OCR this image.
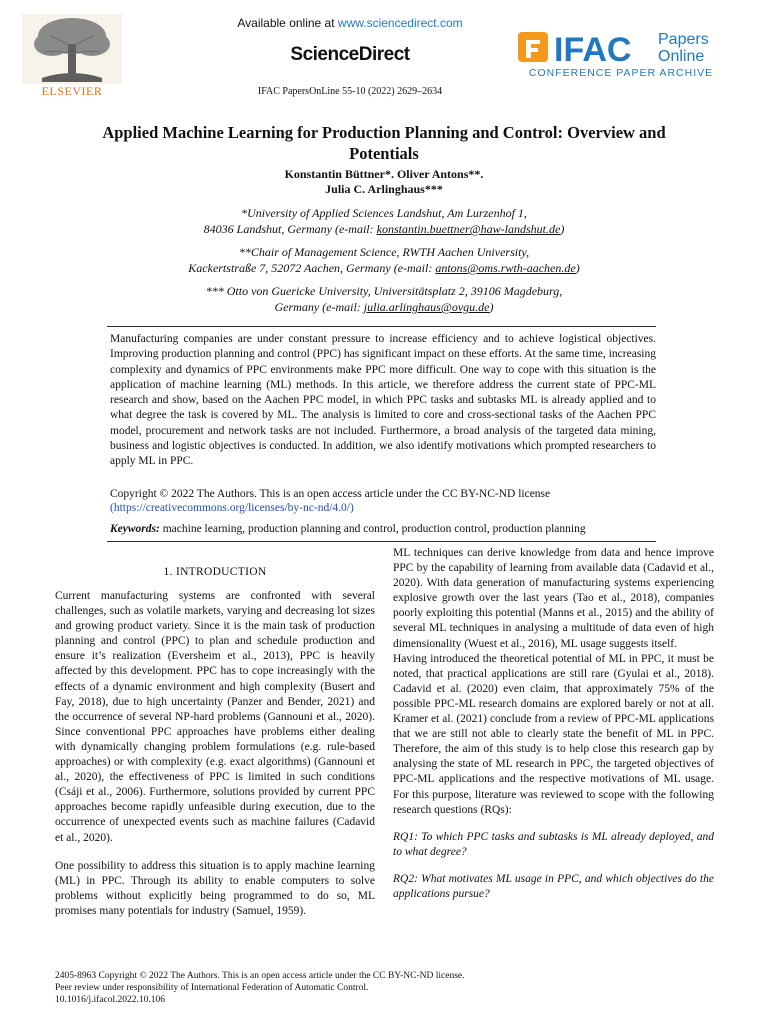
ELSEVIER
Available online at www.sciencedirect.com
ScienceDirect
IFAC PapersOnLine 55-10 (2022) 2629–2634
IFAC Papers
Online
CONFERENCE PAPER ARCHIVE
Applied Machine Learning for Production Planning and Control: Overview and
Potentials
Konstantin Büttner*. Oliver Antons**.
Julia C. Arlinghaus***
*University of Applied Sciences Landshut, Am Lurzenhof 1,
84036 Landshut, Germany (e-mail: konstantin.buettner@haw-landshut.de)
**Chair of Management Science, RWTH Aachen University,
Kackertstraße 7, 52072 Aachen, Germany (e-mail: antons@oms.rwth-aachen.de)
*** Otto von Guericke University, Universitätsplatz 2, 39106 Magdeburg,
Germany (e-mail: julia.arlinghaus@ovgu.de)
Manufacturing companies are under constant pressure to increase efficiency and to achieve logistical objectives. Improving production planning and control (PPC) has significant impact on these efforts. At the same time, increasing complexity and dynamics of PPC environments make PPC more difficult. One way to cope with this situation is the application of machine learning (ML) methods. In this article, we therefore address the current state of PPC-ML research and show, based on the Aachen PPC model, in which PPC tasks and subtasks ML is already applied and to what degree the task is covered by ML. The analysis is limited to core and cross-sectional tasks of the Aachen PPC model, procurement and network tasks are not included. Furthermore, a broad analysis of the targeted data mining, business and logistic objectives is conducted. In addition, we also identify motivations which prompted researchers to apply ML in PPC.
Copyright © 2022 The Authors. This is an open access article under the CC BY-NC-ND license
(https://creativecommons.org/licenses/by-nc-nd/4.0/)
Keywords: machine learning, production planning and control, production control, production planning
1. INTRODUCTION

Current manufacturing systems are confronted with several challenges, such as volatile markets, varying and decreasing lot sizes and growing product variety. Since it is the main task of production planning and control (PPC) to plan and schedule production and ensure it’s realization (Eversheim et al., 2013), PPC is heavily affected by this development. PPC has to cope increasingly with the effects of a dynamic environment and high complexity (Busert and Fay, 2018), due to high uncertainty (Panzer and Bender, 2021) and the occurrence of several NP-hard problems (Gannouni et al., 2020). Since conventional PPC approaches have problems either dealing with dynamically changing problem formulations (e.g. rule-based approaches) or with complexity (e.g. exact algorithms) (Gannouni et al., 2020), the effectiveness of PPC is limited in such conditions (Csáji et al., 2006). Furthermore, solutions provided by current PPC approaches become rapidly unfeasible during execution, due to the occurrence of unexpected events such as machine failures (Cadavid et al., 2020).

One possibility to address this situation is to apply machine learning (ML) in PPC. Through its ability to enable computers to solve problems without explicitly being programmed to do so, ML promises many potentials for industry (Samuel, 1959).

ML techniques can derive knowledge from data and hence improve PPC by the capability of learning from available data (Cadavid et al., 2020). With data generation of manufacturing systems experiencing explosive growth over the last years (Tao et al., 2018), companies poorly exploiting this potential (Manns et al., 2015) and the ability of several ML techniques in analysing a multitude of data even of high dimensionality (Wuest et al., 2016), ML usage suggests itself.

Having introduced the theoretical potential of ML in PPC, it must be noted, that practical applications are still rare (Gyulai et al., 2018). Cadavid et al. (2020) even claim, that approximately 75% of the possible PPC-ML research domains are explored barely or not at all. Kramer et al. (2021) conclude from a review of PPC-ML applications that we are still not able to clearly state the benefit of ML in PPC. Therefore, the aim of this study is to help close this research gap by analysing the state of ML research in PPC, the targeted objectives of PPC-ML applications and the respective motivations of ML usage. For this purpose, literature was reviewed to scope with the following research questions (RQs):

RQ1: To which PPC tasks and subtasks is ML already deployed, and to what degree?

RQ2: What motivates ML usage in PPC, and which objectives do the applications pursue?

2405-8963 Copyright © 2022 The Authors. This is an open access article under the CC BY-NC-ND license.
Peer review under responsibility of International Federation of Automatic Control.
10.1016/j.ifacol.2022.10.106
